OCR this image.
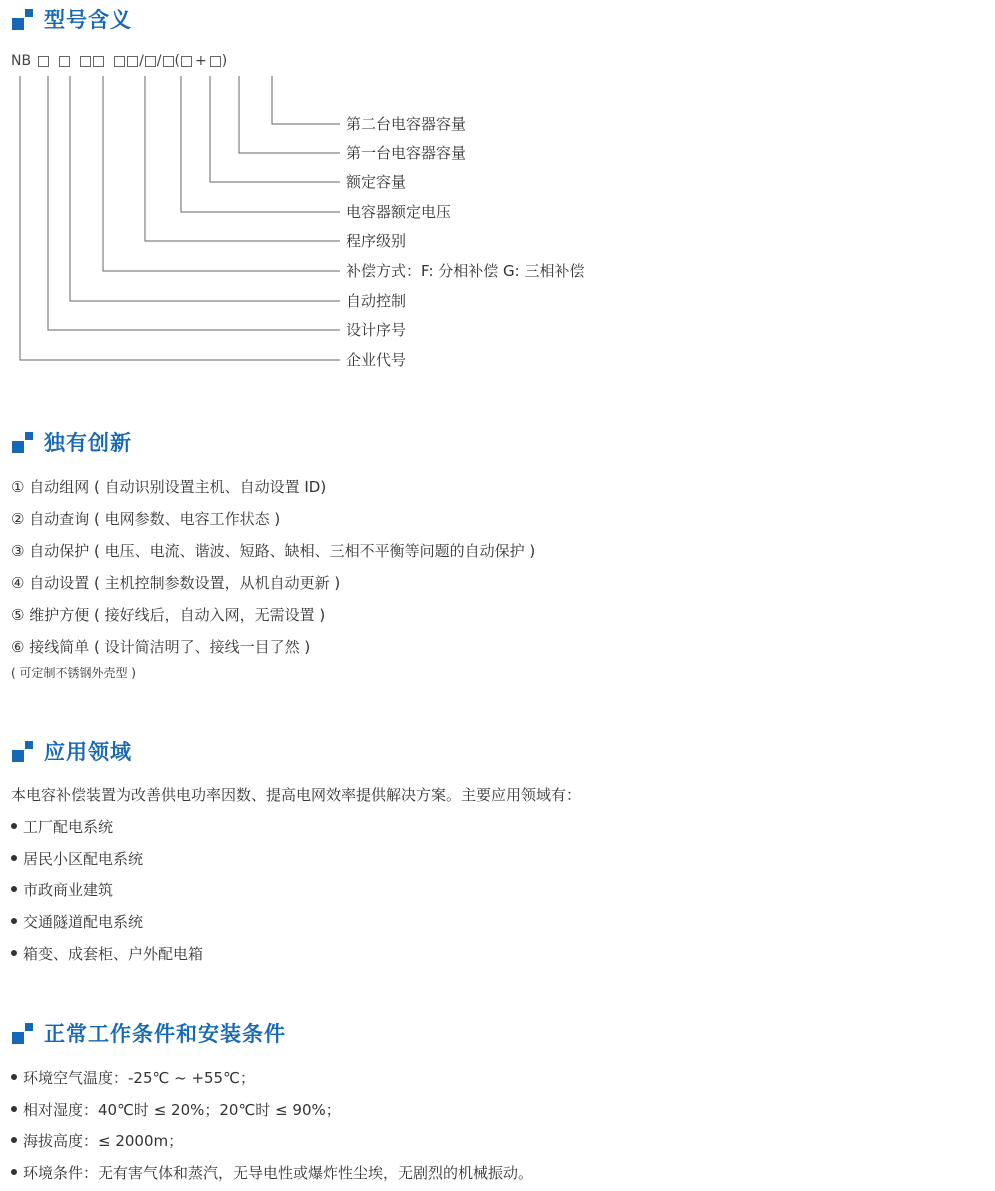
型号含义
NB	/ / ( + )
第二台电容器容量
第一台电容器容量
额定容量
电容器额定电压
程序级别
补偿方式：F: 分相补偿 G: 三相补偿
自动控制
设计序号
企业代号
独有创新
① 自动组网 ( 自动识别设置主机、自动设置 ID)
② 自动查询 ( 电网参数、电容工作状态 )
③ 自动保护 ( 电压、电流、谐波、短路、缺相、三相不平衡等问题的自动保护 )
④ 自动设置 ( 主机控制参数设置，从机自动更新 )
⑤ 维护方便 ( 接好线后，自动入网，无需设置 )
⑥ 接线简单 ( 设计简洁明了、接线一目了然 )
( 可定制不锈钢外壳型 )
应用领域
本电容补偿装置为改善供电功率因数、提高电网效率提供解决方案。主要应用领域有：
工厂配电系统
居民小区配电系统
市政商业建筑
交通隧道配电系统
箱变、成套柜、户外配电箱
正常工作条件和安装条件
环境空气温度：-25℃ ~ +55℃；
相对湿度：40℃时 ≤ 20%；20℃时 ≤ 90%；
海拔高度：≤ 2000m；
环境条件：无有害气体和蒸汽，无导电性或爆炸性尘埃，无剧烈的机械振动。
